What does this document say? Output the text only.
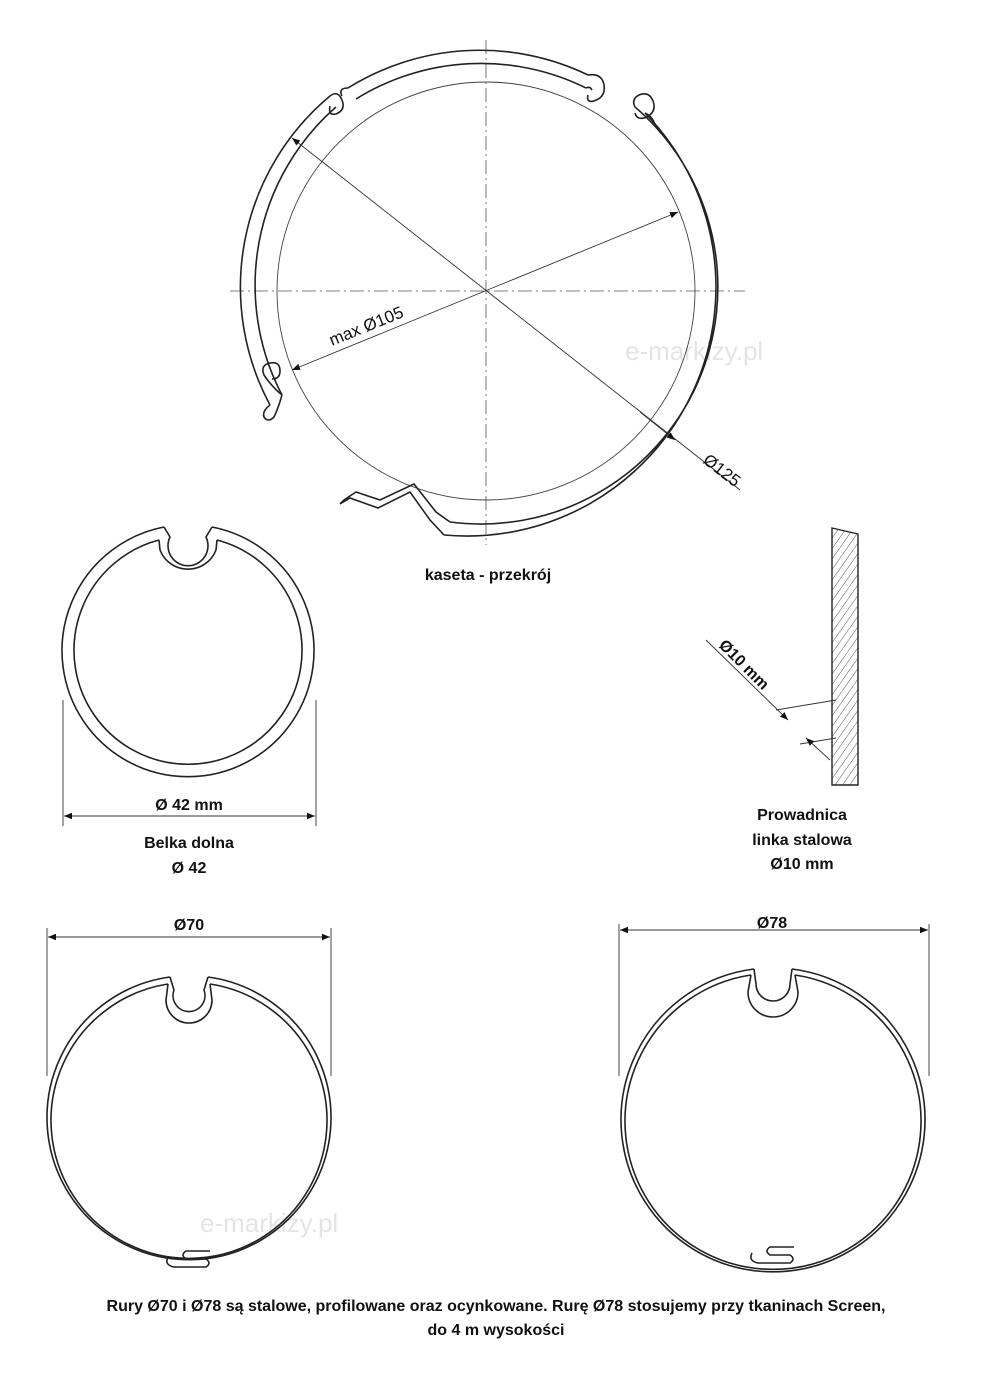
e-markizy.pl
e-markizy.pl
max Ø105
Ø125
kaseta - przekrój
Ø 42 mm
Belka dolna
Ø 42
Ø10 mm
Prowadnica
linka stalowa
Ø10 mm
Ø70	Ø78
Rury Ø70 i Ø78 są stalowe, profilowane oraz ocynkowane. Rurę Ø78 stosujemy przy tkaninach Screen,
do 4 m wysokości
